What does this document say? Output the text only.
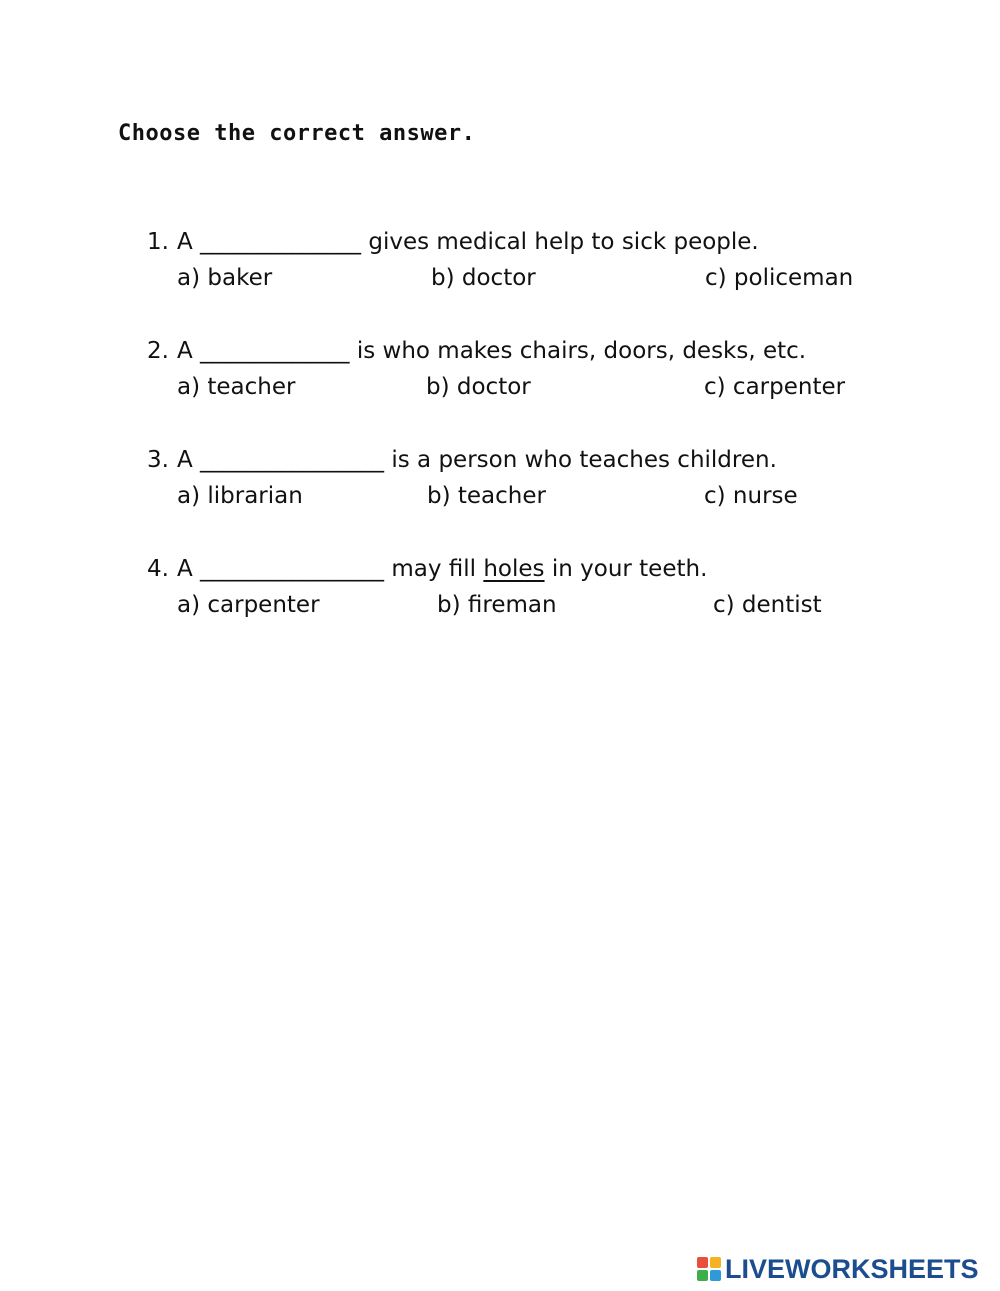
Choose the correct answer.
1. A ______________ gives medical help to sick people.
a) baker	b) doctor	c) policeman
2. A _____________ is who makes chairs, doors, desks, etc.
a) teacher	b) doctor	c) carpenter
3. A ________________ is a person who teaches children.
a) librarian	b) teacher	c) nurse
4. A ________________ may fill holes in your teeth.
a) carpenter	b) fireman	c) dentist
LIVEWORKSHEETS
